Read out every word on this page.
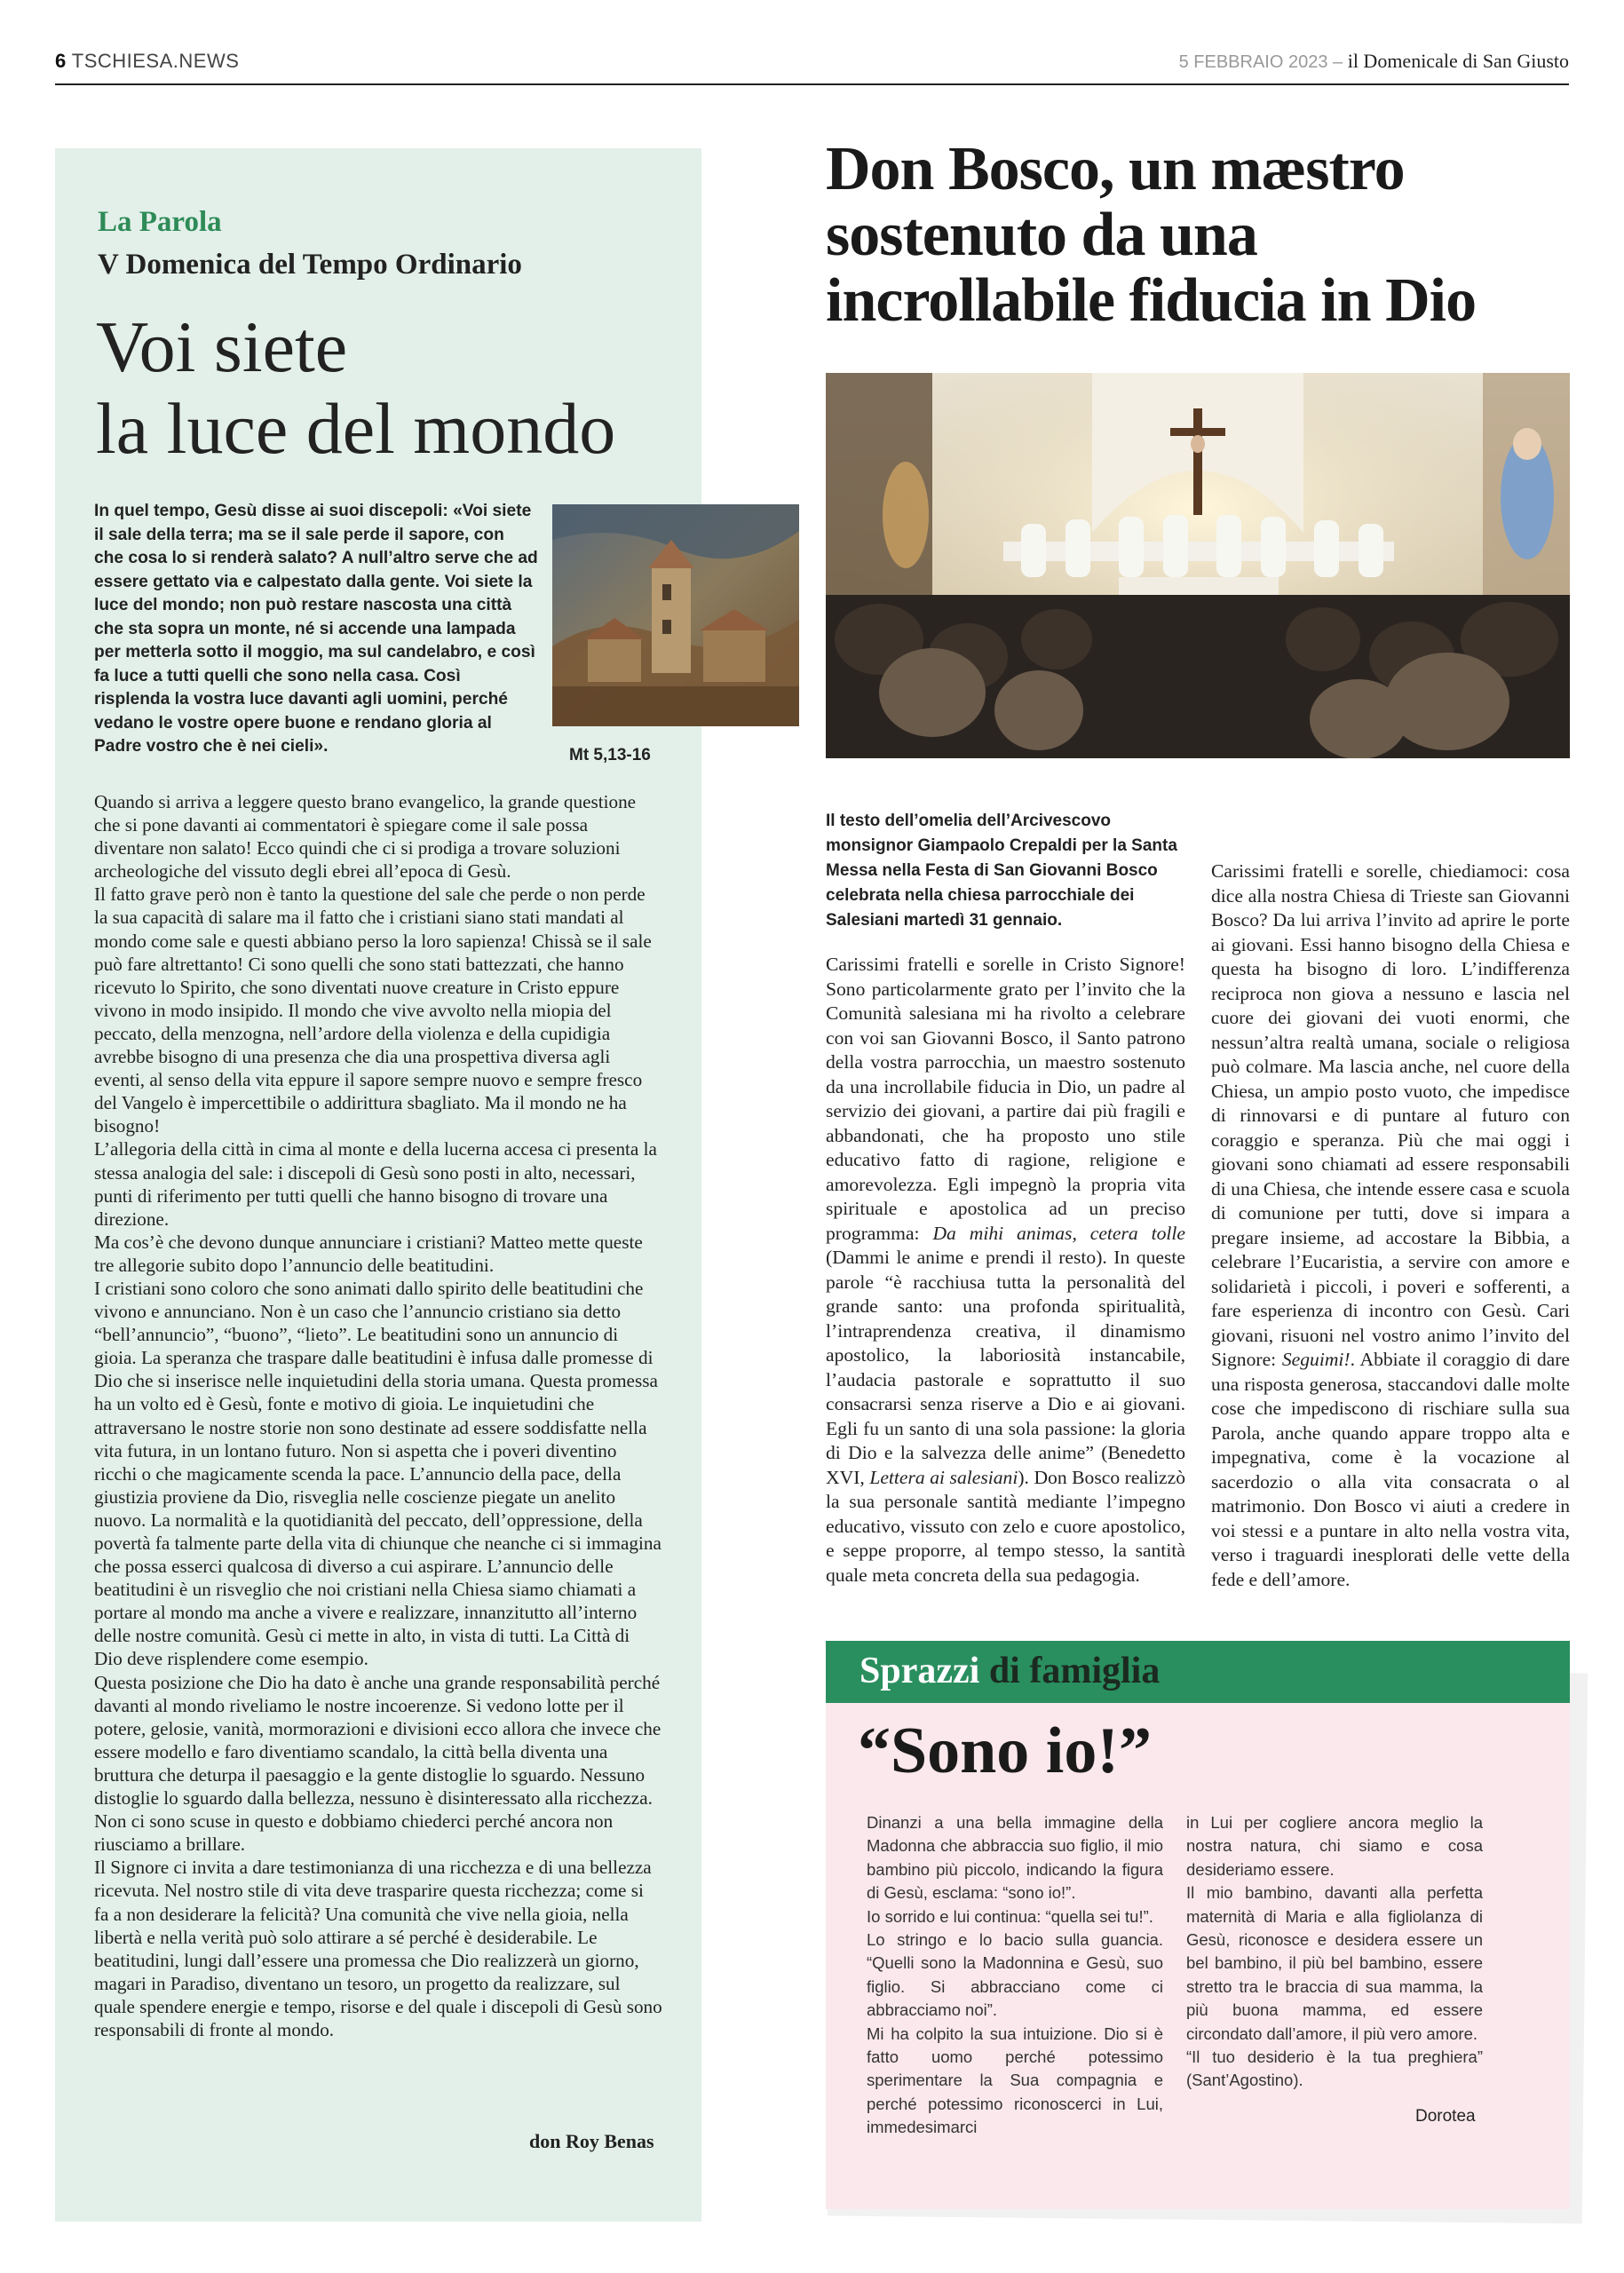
6 TSCHIESA.NEWS	5 FEBBRAIO 2023 – il Domenicale di San Giusto
La Parola
V Domenica del Tempo Ordinario
Voi siete
la luce del mondo
In quel tempo, Gesù disse ai suoi discepoli: «Voi siete il sale della terra; ma se il sale perde il sapore, con che cosa lo si renderà salato? A null’altro serve che ad essere gettato via e calpestato dalla gente. Voi siete la luce del mondo; non può restare nascosta una città che sta sopra un monte, né si accende una lampada per metterla sotto il moggio, ma sul candelabro, e così fa luce a tutti quelli che sono nella casa. Così risplenda la vostra luce davanti agli uomini, perché vedano le vostre opere buone e rendano gloria al Padre vostro che è nei cieli».	Mt 5,13-16

Quando si arriva a leggere questo brano evangelico, la grande questione che si pone davanti ai commentatori è spiegare come il sale possa diventare non salato! Ecco quindi che ci si prodiga a trovare soluzioni archeologiche del vissuto degli ebrei all’epoca di Gesù.

Il fatto grave però non è tanto la questione del sale che perde o non perde la sua capacità di salare ma il fatto che i cristiani siano stati mandati al mondo come sale e questi abbiano perso la loro sapienza! Chissà se il sale può fare altrettanto! Ci sono quelli che sono stati battezzati, che hanno ricevuto lo Spirito, che sono diventati nuove creature in Cristo eppure vivono in modo insipido. Il mondo che vive avvolto nella miopia del peccato, della menzogna, nell’ardore della violenza e della cupidigia avrebbe bisogno di una presenza che dia una prospettiva diversa agli eventi, al senso della vita eppure il sapore sempre nuovo e sempre fresco del Vangelo è impercettibile o addirittura sbagliato. Ma il mondo ne ha bisogno!

L’allegoria della città in cima al monte e della lucerna accesa ci presenta la stessa analogia del sale: i discepoli di Gesù sono posti in alto, necessari, punti di riferimento per tutti quelli che hanno bisogno di trovare una direzione.

Ma cos’è che devono dunque annunciare i cristiani? Matteo mette queste tre allegorie subito dopo l’annuncio delle beatitudini.

I cristiani sono coloro che sono animati dallo spirito delle beatitudini che vivono e annunciano. Non è un caso che l’annuncio cristiano sia detto “bell’annuncio”, “buono”, “lieto”. Le beatitudini sono un annuncio di gioia. La speranza che traspare dalle beatitudini è infusa dalle promesse di Dio che si inserisce nelle inquietudini della storia umana. Questa promessa ha un volto ed è Gesù, fonte e motivo di gioia. Le inquietudini che attraversano le nostre storie non sono destinate ad essere soddisfatte nella vita futura, in un lontano futuro. Non si aspetta che i poveri diventino ricchi o che magicamente scenda la pace. L’annuncio della pace, della giustizia proviene da Dio, risveglia nelle coscienze piegate un anelito nuovo. La normalità e la quotidianità del peccato, dell’oppressione, della povertà fa talmente parte della vita di chiunque che neanche ci si immagina che possa esserci qualcosa di diverso a cui aspirare. L’annuncio delle beatitudini è un risveglio che noi cristiani nella Chiesa siamo chiamati a portare al mondo ma anche a vivere e realizzare, innanzitutto all’interno delle nostre comunità. Gesù ci mette in alto, in vista di tutti. La Città di Dio deve risplendere come esempio.

Questa posizione che Dio ha dato è anche una grande responsabilità perché davanti al mondo riveliamo le nostre incoerenze. Si vedono lotte per il potere, gelosie, vanità, mormorazioni e divisioni ecco allora che invece che essere modello e faro diventiamo scandalo, la città bella diventa una bruttura che deturpa il paesaggio e la gente distoglie lo sguardo. Nessuno distoglie lo sguardo dalla bellezza, nessuno è disinteressato alla ricchezza. Non ci sono scuse in questo e dobbiamo chiederci perché ancora non riusciamo a brillare.

Il Signore ci invita a dare testimonianza di una ricchezza e di una bellezza ricevuta. Nel nostro stile di vita deve trasparire questa ricchezza; come si fa a non desiderare la felicità? Una comunità che vive nella gioia, nella libertà e nella verità può solo attirare a sé perché è desiderabile. Le beatitudini, lungi dall’essere una promessa che Dio realizzerà un giorno, magari in Paradiso, diventano un tesoro, un progetto da realizzare, sul quale spendere energie e tempo, risorse e del quale i discepoli di Gesù sono responsabili di fronte al mondo.

don Roy Benas
Don Bosco, un mæstro
sostenuto da una
incrollabile fiducia in Dio
Il testo dell’omelia dell’Arcivescovo monsignor Giampaolo Crepaldi per la Santa Messa nella Festa di San Giovanni Bosco celebrata nella chiesa parrocchiale dei Salesiani martedì 31 gennaio.
Carissimi fratelli e sorelle in Cristo Signore! Sono particolarmente grato per l’invito che la Comunità salesiana mi ha rivolto a celebrare con voi san Giovanni Bosco, il Santo patrono della vostra parrocchia, un maestro sostenuto da una incrollabile fiducia in Dio, un padre al servizio dei giovani, a partire dai più fragili e abbandonati, che ha proposto uno stile educativo fatto di ragione, religione e amorevolezza. Egli impegnò la propria vita spirituale e apostolica ad un preciso programma: Da mihi animas, cetera tolle (Dammi le anime e prendi il resto). In queste parole “è racchiusa tutta la personalità del grande santo: una profonda spiritualità, l’intraprendenza creativa, il dinamismo apostolico, la laboriosità instancabile, l’audacia pastorale e soprattutto il suo consacrarsi senza riserve a Dio e ai giovani. Egli fu un santo di una sola passione: la gloria di Dio e la salvezza delle anime” (Benedetto XVI, Lettera ai salesiani). Don Bosco realizzò la sua personale santità mediante l’impegno educativo, vissuto con zelo e cuore apostolico, e seppe proporre, al tempo stesso, la santità quale meta concreta della sua pedagogia.
Carissimi fratelli e sorelle, chiediamoci: cosa dice alla nostra Chiesa di Trieste san Giovanni Bosco? Da lui arriva l’invito ad aprire le porte ai giovani. Essi hanno bisogno della Chiesa e questa ha bisogno di loro. L’indifferenza reciproca non giova a nessuno e lascia nel cuore dei giovani dei vuoti enormi, che nessun’altra realtà umana, sociale o religiosa può colmare. Ma lascia anche, nel cuore della Chiesa, un ampio posto vuoto, che impedisce di rinnovarsi e di puntare al futuro con coraggio e speranza. Più che mai oggi i giovani sono chiamati ad essere responsabili di una Chiesa, che intende essere casa e scuola di comunione per tutti, dove si impara a pregare insieme, ad accostare la Bibbia, a celebrare l’Eucaristia, a servire con amore e solidarietà i piccoli, i poveri e sofferenti, a fare esperienza di incontro con Gesù. Cari giovani, risuoni nel vostro animo l’invito del Signore: Seguimi!. Abbiate il coraggio di dare una risposta generosa, staccandovi dalle molte cose che impediscono di rischiare sulla sua Parola, anche quando appare troppo alta e impegnativa, come è la vocazione al sacerdozio o alla vita consacrata o al matrimonio. Don Bosco vi aiuti a credere in voi stessi e a puntare in alto nella vostra vita, verso i traguardi inesplorati delle vette della fede e dell’amore.
Sprazzi di famiglia
“Sono io!”

Dinanzi a una bella immagine della Madonna che abbraccia suo figlio, il mio bambino più piccolo, indicando la figura di Gesù, esclama: “sono io!”.

Io sorrido e lui continua: “quella sei tu!”.

Lo stringo e lo bacio sulla guancia. “Quelli sono la Madonnina e Gesù, suo figlio. Si abbracciano come ci abbracciamo noi”.

Mi ha colpito la sua intuizione. Dio si è fatto uomo perché potessimo sperimentare la Sua compagnia e perché potessimo riconoscerci in Lui, immedesimarci

in Lui per cogliere ancora meglio la nostra natura, chi siamo e cosa desideriamo essere.

Il mio bambino, davanti alla perfetta maternità di Maria e alla figliolanza di Gesù, riconosce e desidera essere un bel bambino, il più bel bambino, essere stretto tra le braccia di sua mamma, la più buona mamma, ed essere circondato dall’amore, il più vero amore.

“Il tuo desiderio è la tua preghiera” (Sant’Agostino).

Dorotea
